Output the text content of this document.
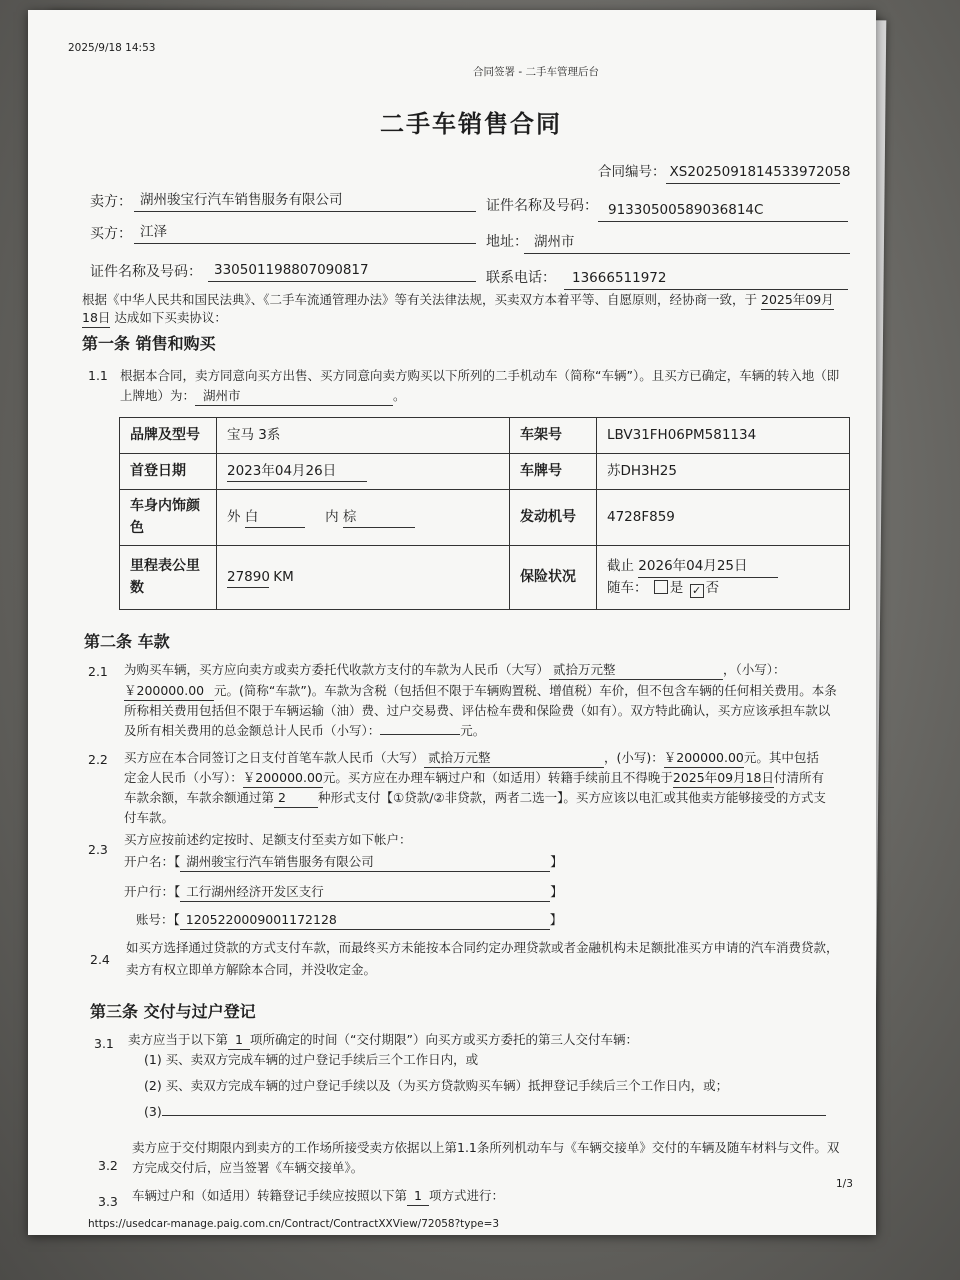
2025/9/18 14:53
合同签署 - 二手车管理后台
二手车销售合同
合同编号： XS2025091814533972058
卖方： 湖州骏宝行汽车销售服务有限公司	证件名称及号码： 91330500589036814C
买方： 江泽
地址： 湖州市
证件名称及号码： 330501198807090817	联系电话：	13666511972
根据《中华人民共和国民法典》、《二手车流通管理办法》等有关法律法规，买卖双方本着平等、自愿原则，经协商一致，于 2025年09月
18日 达成如下买卖协议：
第一条 销售和购买
1.1 根据本合同，卖方同意向买方出售、买方同意向卖方购买以下所列的二手机动车（简称“车辆”）。且买方已确定，车辆的转入地（即
上牌地）为： 湖州市	。
品牌及型号	宝马 3系	车架号	LBV31FH06PM581134
首登日期	2023年04月26日	车牌号	苏DH3H25
车身内饰颜色	外 白 内 棕	发动机号	4728F859
里程表公里数	27890 KM	保险状况	截止 2026年04月25日
随车： 是 ✓ 否
第二条 车款
2.1 为购买车辆，买方应向卖方或卖方委托代收款方支付的车款为人民币（大写） 贰拾万元整	，（小写）：
￥200000.00 元。(简称“车款”)。车款为含税（包括但不限于车辆购置税、增值税）车价，但不包含车辆的任何相关费用。本条
所称相关费用包括但不限于车辆运输（油）费、过户交易费、评估检车费和保险费（如有）。双方特此确认，买方应该承担车款以
及所有相关费用的总金额总计人民币（小写）：	元。
2.2 买方应在本合同签订之日支付首笔车款人民币（大写） 贰拾万元整	，(小写)：￥200000.00元。其中包括
定金人民币（小写）：￥200000.00元。买方应在办理车辆过户和（如适用）转籍手续前且不得晚于2025年09月18日付清所有
车款余额，车款余额通过第 2	种形式支付【①贷款/②非贷款，两者二选一】。买方应该以电汇或其他卖方能够接受的方式支
付车款。
2.3
买方应按前述约定按时、足额支付至卖方如下帐户：
开户名：【 湖州骏宝行汽车销售服务有限公司	】
开户行：【 工行湖州经济开发区支行	】
账号：【 1205220009001172128	】
2.4
如买方选择通过贷款的方式支付车款，而最终买方未能按本合同约定办理贷款或者金融机构未足额批准买方申请的汽车消费贷款，
卖方有权立即单方解除本合同，并没收定金。
第三条 交付与过户登记
3.1 卖方应当于以下第 1 项所确定的时间（“交付期限”）向买方或买方委托的第三人交付车辆：
(1) 买、卖双方完成车辆的过户登记手续后三个工作日内，或
(2) 买、卖双方完成车辆的过户登记手续以及（为买方贷款购买车辆）抵押登记手续后三个工作日内，或；
(3)
3.2
卖方应于交付期限内到卖方的工作场所接受卖方依据以上第1.1条所列机动车与《车辆交接单》交付的车辆及随车材料与文件。双
方完成交付后，应当签署《车辆交接单》。
3.3 车辆过户和（如适用）转籍登记手续应按照以下第 1 项方式进行：
https://usedcar-manage.paig.com.cn/Contract/ContractXXView/72058?type=3
1/3
